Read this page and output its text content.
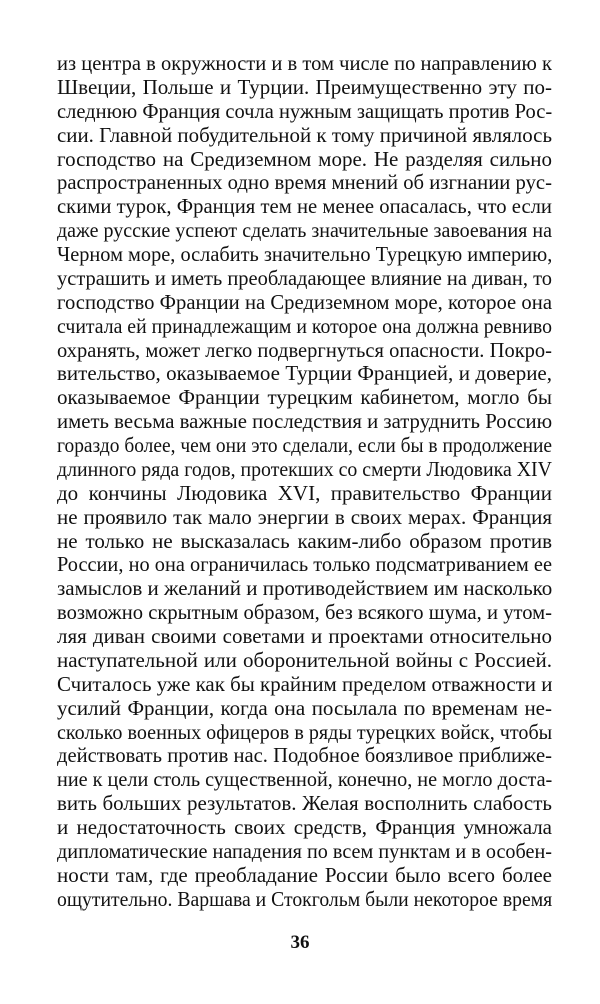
из центра в окружности и в том числе по направлению к
Швеции, Польше и Турции. Преимущественно эту по-
следнюю Франция сочла нужным защищать против Рос-
сии. Главной побудительной к тому причиной являлось
господство на Средиземном море. Не разделяя сильно
распространенных одно время мнений об изгнании рус-
скими турок, Франция тем не менее опасалась, что если
даже русские успеют сделать значительные завоевания на
Черном море, ослабить значительно Турецкую империю,
устрашить и иметь преобладающее влияние на диван, то
господство Франции на Средиземном море, которое она
считала ей принадлежащим и которое она должна ревниво
охранять, может легко подвергнуться опасности. Покро-
вительство, оказываемое Турции Францией, и доверие,
оказываемое Франции турецким кабинетом, могло бы
иметь весьма важные последствия и затруднить Россию
гораздо более, чем они это сделали, если бы в продолжение
длинного ряда годов, протекших со смерти Людовика XIV
до кончины Людовика XVI, правительство Франции
не проявило так мало энергии в своих мерах. Франция
не только не высказалась каким-либо образом против
России, но она ограничилась только подсматриванием ее
замыслов и желаний и противодействием им насколько
возможно скрытным образом, без всякого шума, и утом-
ляя диван своими советами и проектами относительно
наступательной или оборонительной войны с Россией.
Считалось уже как бы крайним пределом отважности и
усилий Франции, когда она посылала по временам не-
сколько военных офицеров в ряды турецких войск, чтобы
действовать против нас. Подобное боязливое приближе-
ние к цели столь существенной, конечно, не могло доста-
вить больших результатов. Желая восполнить слабость
и недостаточность своих средств, Франция умножала
дипломатические нападения по всем пунктам и в особен-
ности там, где преобладание России было всего более
ощутительно. Варшава и Стокгольм были некоторое время
36
